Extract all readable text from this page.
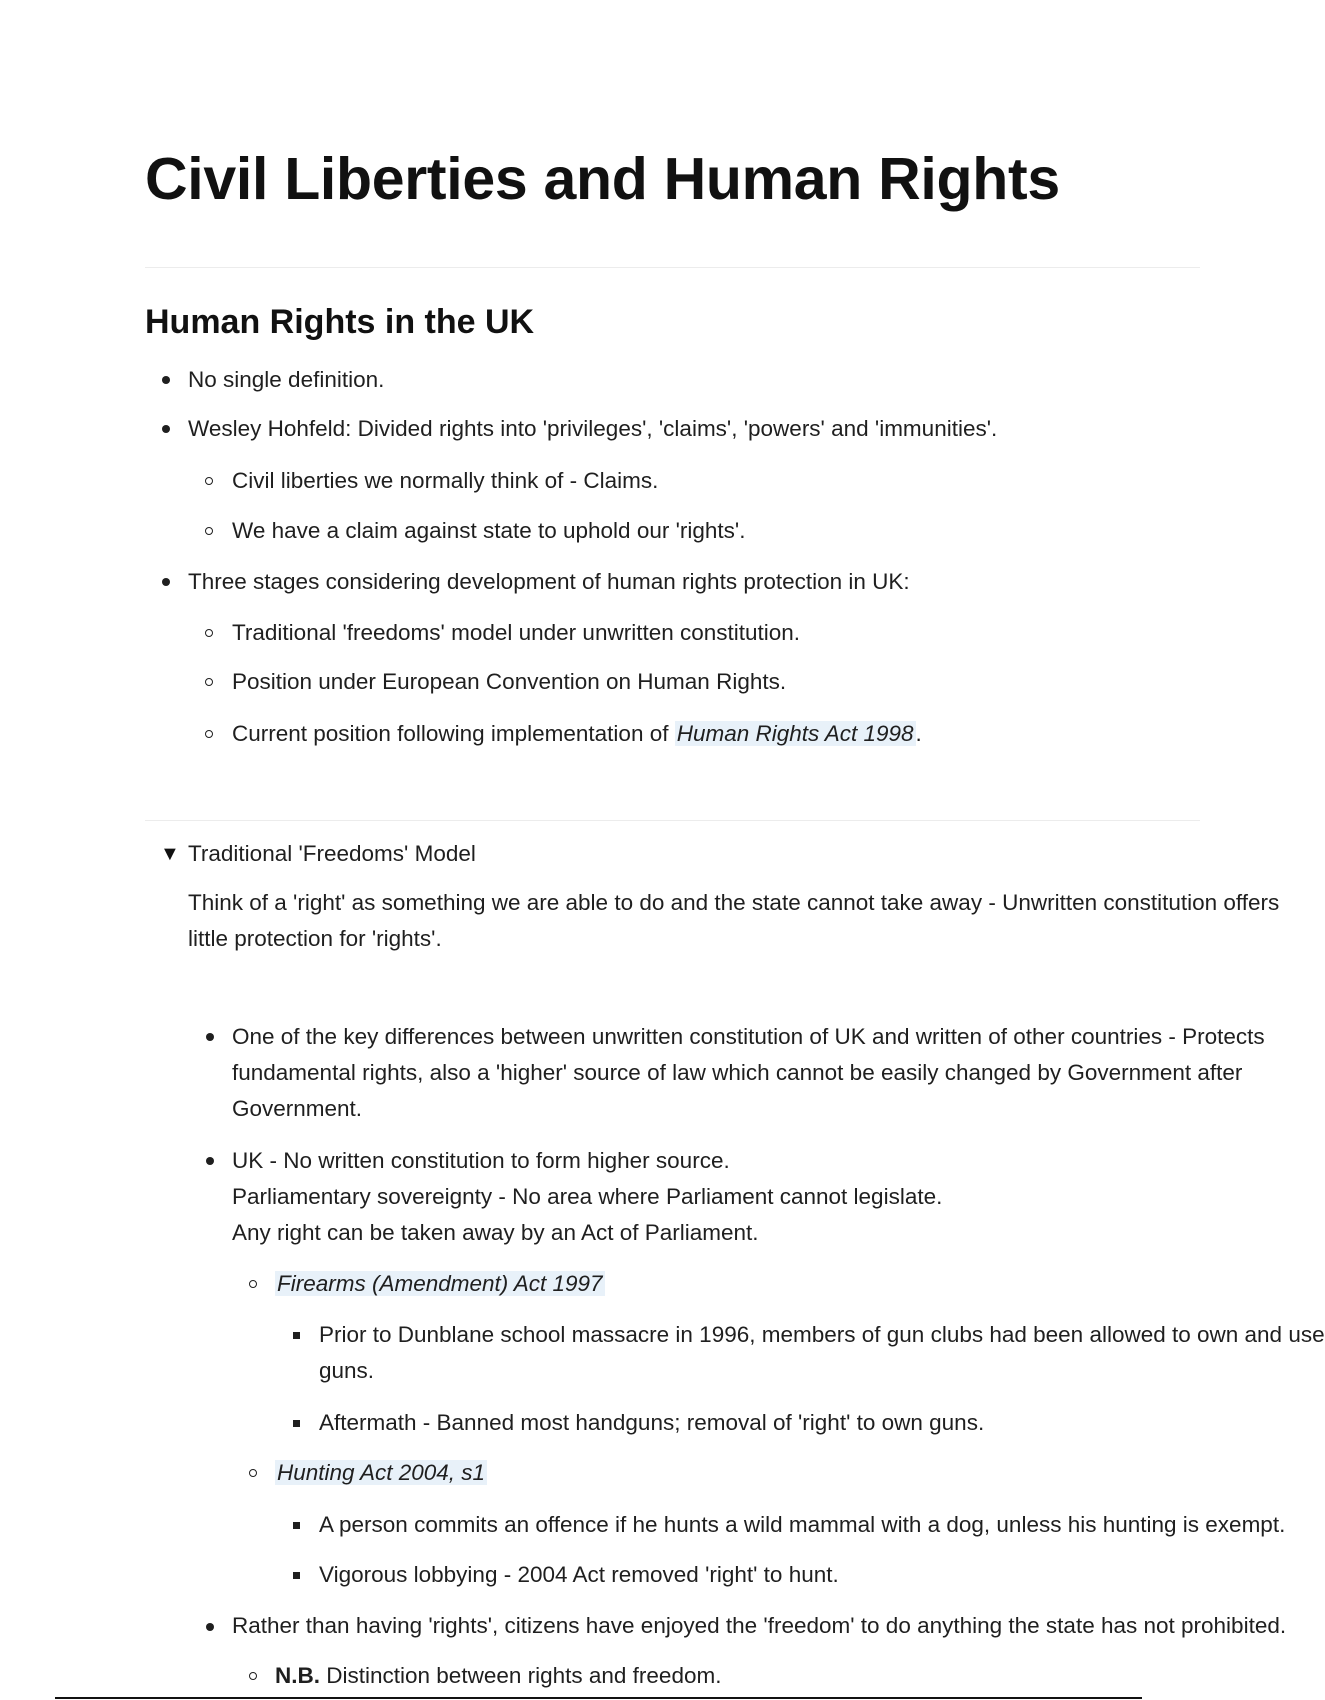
Civil Liberties and Human Rights
Human Rights in the UK
No single definition.
Wesley Hohfeld: Divided rights into 'privileges', 'claims', 'powers' and 'immunities'.
Civil liberties we normally think of - Claims.
We have a claim against state to uphold our 'rights'.
Three stages considering development of human rights protection in UK:
Traditional 'freedoms' model under unwritten constitution.
Position under European Convention on Human Rights.
Current position following implementation of Human Rights Act 1998.
▼ Traditional 'Freedoms' Model
Think of a 'right' as something we are able to do and the state cannot take away - Unwritten constitution offers
little protection for 'rights'.
One of the key differences between unwritten constitution of UK and written of other countries - Protects
fundamental rights, also a 'higher' source of law which cannot be easily changed by Government after
Government.
UK - No written constitution to form higher source.
Parliamentary sovereignty - No area where Parliament cannot legislate.
Any right can be taken away by an Act of Parliament.
Firearms (Amendment) Act 1997
Prior to Dunblane school massacre in 1996, members of gun clubs had been allowed to own and use
guns.
Aftermath - Banned most handguns; removal of 'right' to own guns.
Hunting Act 2004, s1
A person commits an offence if he hunts a wild mammal with a dog, unless his hunting is exempt.
Vigorous lobbying - 2004 Act removed 'right' to hunt.
Rather than having 'rights', citizens have enjoyed the 'freedom' to do anything the state has not prohibited.
N.B. Distinction between rights and freedom.
